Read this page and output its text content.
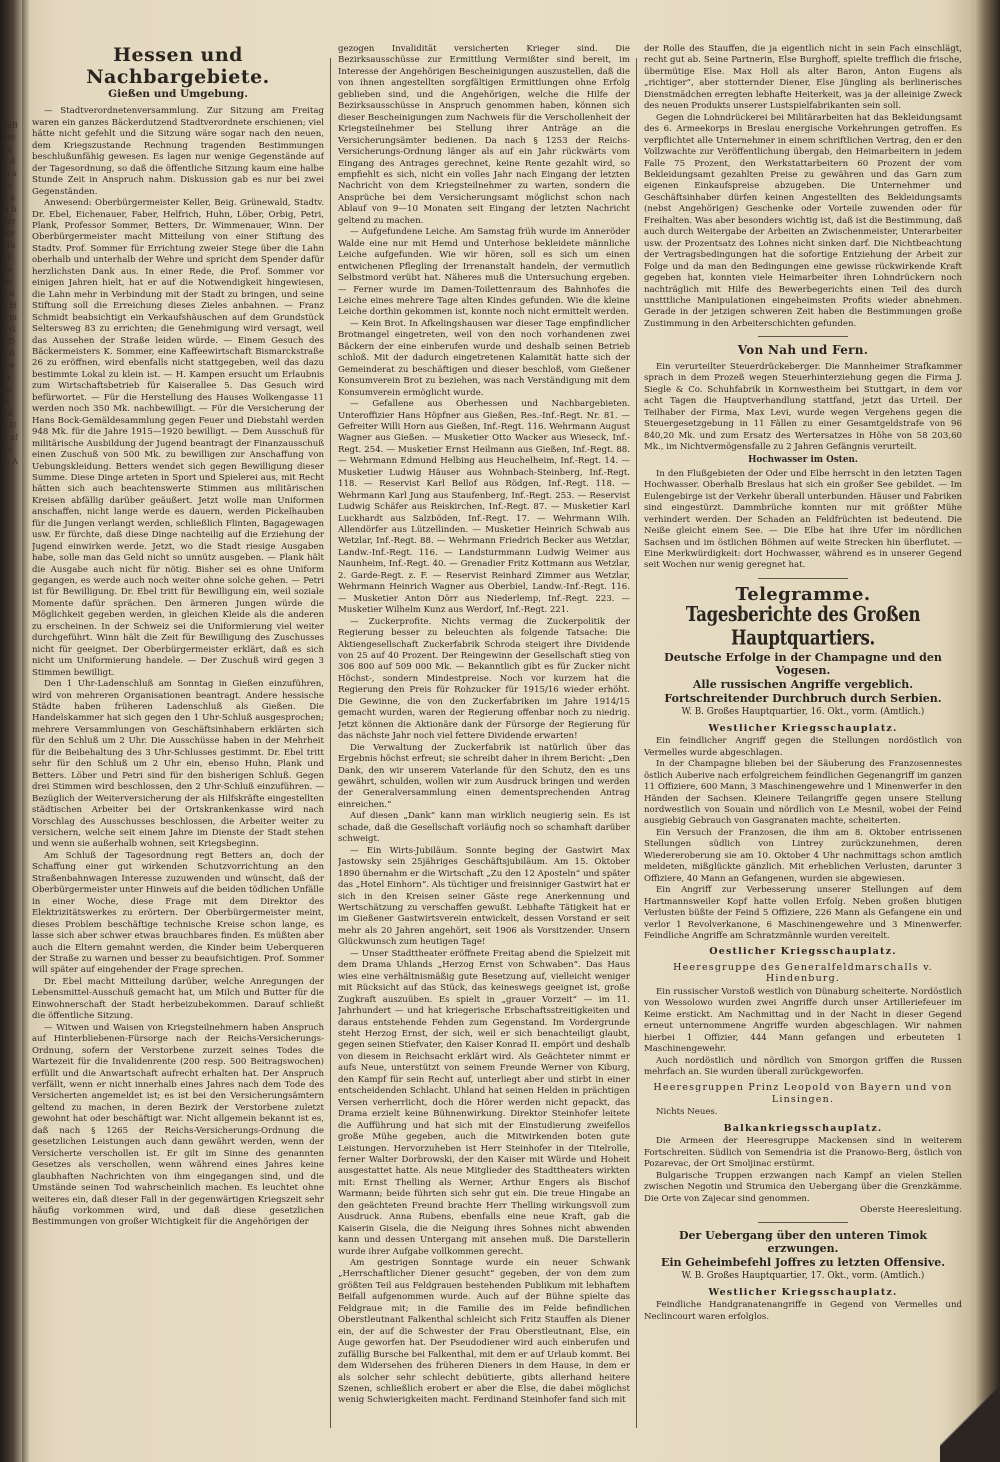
deB der be S d m a da S a H h der zur Mu St Be ce 8 o u Ha ma Gr Da fi 8 e pr ee et Ang Un uf bum A
Hessen und Nachbargebiete.
Gießen und Umgebung.

— Stadtverordnetenversammlung. Zur Sitzung am Freitag waren ein ganzes Bäckerdutzend Stadtverordnete erschienen; viel hätte nicht gefehlt und die Sitzung wäre sogar nach den neuen, dem Kriegszustande Rechnung tragenden Bestimmungen beschlußunfähig gewesen. Es lagen nur wenige Gegenstände auf der Tagesordnung, so daß die öffentliche Sitzung kaum eine halbe Stunde Zeit in Anspruch nahm. Diskussion gab es nur bei zwei Gegenständen.

Anwesend: Oberbürgermeister Keller, Beig. Grünewald, Stadtv. Dr. Ebel, Eichenauer, Faber, Helfrich, Huhn, Löber, Orbig, Petri, Plank, Professor Sommer, Betters, Dr. Wimmenauer, Winn. Der Oberbürgermeister macht Mitteilung von einer Stiftung des Stadtv. Prof. Sommer für Errichtung zweier Stege über die Lahn oberhalb und unterhalb der Wehre und spricht dem Spender dafür herzlichsten Dank aus. In einer Rede, die Prof. Sommer vor einigen Jahren hielt, hat er auf die Notwendigkeit hingewiesen, die Lahn mehr in Verbindung mit der Stadt zu bringen, und seine Stiftung soll die Erreichung dieses Zieles anbahnen. — Franz Schmidt beabsichtigt ein Verkaufshäuschen auf dem Grundstück Seltersweg 83 zu errichten; die Genehmigung wird versagt, weil das Aussehen der Straße leiden würde. — Einem Gesuch des Bäckermeisters K. Sommer, eine Kaffeewirtschaft Bismarckstraße 26 zu eröffnen, wird ebenfalls nicht stattgegeben, weil das dazu bestimmte Lokal zu klein ist. — H. Kampen ersucht um Erlaubnis zum Wirtschaftsbetrieb für Kaiserallee 5. Das Gesuch wird befürwortet. — Für die Herstellung des Hauses Wolkengasse 11 werden noch 350 Mk. nachbewilligt. — Für die Versicherung der Hans Bock-Gemäldesammlung gegen Feuer und Diebstahl werden 948 Mk. für die Jahre 1915—1920 bewilligt. — Dem Ausschuß für militärische Ausbildung der Jugend beantragt der Finanzausschuß einen Zuschuß von 500 Mk. zu bewilligen zur Anschaffung von Uebungskleidung. Betters wendet sich gegen Bewilligung dieser Summe. Diese Dinge arteten in Sport und Spielerei aus, mit Recht hätten sich auch beachtenswerte Stimmen aus militärischen Kreisen abfällig darüber geäußert. Jetzt wolle man Uniformen anschaffen, nicht lange werde es dauern, werden Pickelhauben für die Jungen verlangt werden, schließlich Flinten, Bagagewagen usw. Er fürchte, daß diese Dinge nachteilig auf die Erziehung der Jugend einwirken werde. Jetzt, wo die Stadt riesige Ausgaben habe, solle man das Geld nicht so unnütz ausgeben. — Plank hält die Ausgabe auch nicht für nötig. Bisher sei es ohne Uniform gegangen, es werde auch noch weiter ohne solche gehen. — Petri ist für Bewilligung. Dr. Ebel tritt für Bewilligung ein, weil soziale Momente dafür sprächen. Den ärmeren Jungen würde die Möglichkeit gegeben werden, in gleichen Kleide als die anderen zu erscheinen. In der Schweiz sei die Uniformierung viel weiter durchgeführt. Winn hält die Zeit für Bewilligung des Zuschusses nicht für geeignet. Der Oberbürgermeister erklärt, daß es sich nicht um Uniformierung handele. — Der Zuschuß wird gegen 3 Stimmen bewilligt.

Den 1 Uhr-Ladenschluß am Sonntag in Gießen einzuführen, wird von mehreren Organisationen beantragt. Andere hessische Städte haben früheren Ladenschluß als Gießen. Die Handelskammer hat sich gegen den 1 Uhr-Schluß ausgesprochen; mehrere Versammlungen von Geschäftsinhabern erklärten sich für den Schluß um 2 Uhr. Die Ausschüsse haben in der Mehrheit für die Beibehaltung des 3 Uhr-Schlusses gestimmt. Dr. Ebel tritt sehr für den Schluß um 2 Uhr ein, ebenso Huhn, Plank und Betters. Löber und Petri sind für den bisherigen Schluß. Gegen drei Stimmen wird beschlossen, den 2 Uhr-Schluß einzuführen. — Bezüglich der Weiterversicherung der als Hilfskräfte eingestellten städtischen Arbeiter bei der Ortskrankenkasse wird nach Vorschlag des Ausschusses beschlossen, die Arbeiter weiter zu versichern, welche seit einem Jahre im Dienste der Stadt stehen und wenn sie außerhalb wohnen, seit Kriegsbeginn.

Am Schluß der Tagesordnung regt Betters an, doch der Schaffung einer gut wirkenden Schutzvorrichtung an den Straßenbahnwagen Interesse zuzuwenden und wünscht, daß der Oberbürgermeister unter Hinweis auf die beiden tödlichen Unfälle in einer Woche, diese Frage mit dem Direktor des Elektrizitätswerkes zu erörtern. Der Oberbürgermeister meint, dieses Problem beschäftige technische Kreise schon lange, es lasse sich aber schwer etwas brauchbares finden. Es müßten aber auch die Eltern gemahnt werden, die Kinder beim Ueberqueren der Straße zu warnen und besser zu beaufsichtigen. Prof. Sommer will später auf eingehender der Frage sprechen.

Dr. Ebel macht Mitteilung darüber, welche Anregungen der Lebensmittel-Ausschuß gemacht hat, um Milch und Butter für die Einwohnerschaft der Stadt herbeizubekommen. Darauf schließt die öffentliche Sitzung.

— Witwen und Waisen von Kriegsteilnehmern haben Anspruch auf Hinterbliebenen-Fürsorge nach der Reichs-Versicherungs-Ordnung, sofern der Verstorbene zurzeit seines Todes die Wartezeit für die Invalidenrente (200 resp. 500 Beitragswochen) erfüllt und die Anwartschaft aufrecht erhalten hat. Der Anspruch verfällt, wenn er nicht innerhalb eines Jahres nach dem Tode des Versicherten angemeldet ist; es ist bei den Versicherungsämtern geltend zu machen, in deren Bezirk der Verstorbene zuletzt gewohnt hat oder beschäftigt war. Nicht allgemein bekannt ist es, daß nach § 1265 der Reichs-Versicherungs-Ordnung die gesetzlichen Leistungen auch dann gewährt werden, wenn der Versicherte verschollen ist. Er gilt im Sinne des genannten Gesetzes als verschollen, wenn während eines Jahres keine glaubhaften Nachrichten von ihm eingegangen sind, und die Umstände seinen Tod wahrscheinlich machen. Es leuchtet ohne weiteres ein, daß dieser Fall in der gegenwärtigen Kriegszeit sehr häufig vorkommen wird, und daß diese gesetzlichen Bestimmungen von großer Wichtigkeit für die Angehörigen der

gezogen Invalidität versicherten Krieger sind. Die Bezirksausschüsse zur Ermittlung Vermißter sind bereit, im Interesse der Angehörigen Bescheinigungen auszustellen, daß die von ihnen angestellten sorgfältigen Ermittlungen ohne Erfolg geblieben sind, und die Angehörigen, welche die Hilfe der Bezirksausschüsse in Anspruch genommen haben, können sich dieser Bescheinigungen zum Nachweis für die Verschollenheit der Kriegsteilnehmer bei Stellung ihrer Anträge an die Versicherungsämter bedienen. Da nach § 1253 der Reichs-Versicherungs-Ordnung länger als auf ein Jahr rückwärts vom Eingang des Antrages gerechnet, keine Rente gezahlt wird, so empfiehlt es sich, nicht ein volles Jahr nach Eingang der letzten Nachricht von dem Kriegsteilnehmer zu warten, sondern die Ansprüche bei dem Versicherungsamt möglichst schon nach Ablauf von 9—10 Monaten seit Eingang der letzten Nachricht geltend zu machen.

— Aufgefundene Leiche. Am Samstag früh wurde im Anneröder Walde eine nur mit Hemd und Unterhose bekleidete männliche Leiche aufgefunden. Wie wir hören, soll es sich um einen entwichenen Pflegling der Irrenanstalt handeln, der vermutlich Selbstmord verübt hat. Näheres muß die Untersuchung ergeben. — Ferner wurde im Damen-Toilettenraum des Bahnhofes die Leiche eines mehrere Tage alten Kindes gefunden. Wie die kleine Leiche dorthin gekommen ist, konnte noch nicht ermittelt werden.

— Kein Brot. In Afkelingshausen war dieser Tage empfindlicher Brotmangel eingetreten, weil von den noch vorhandenen zwei Bäckern der eine einberufen wurde und deshalb seinen Betrieb schloß. Mit der dadurch eingetretenen Kalamität hatte sich der Gemeinderat zu beschäftigen und dieser beschloß, vom Gießener Konsumverein Brot zu beziehen, was nach Verständigung mit dem Konsumverein ermöglicht wurde.

— Gefallene aus Oberhessen und Nachbargebieten. Unteroffizier Hans Höpfner aus Gießen, Res.-Inf.-Regt. Nr. 81. — Gefreiter Willi Horn aus Gießen, Inf.-Regt. 116. Wehrmann August Wagner aus Gießen. — Musketier Otto Wacker aus Wieseck, Inf.-Regt. 254. — Musketier Ernst Heilmann aus Gießen, Inf.-Regt. 88. — Wehrmann Edmund Helbing aus Heuchelheim, Inf.-Regt. 14. — Musketier Ludwig Häuser aus Wohnbach-Steinberg, Inf.-Regt. 118. — Reservist Karl Bellof aus Rödgen, Inf.-Regt. 118. — Wehrmann Karl Jung aus Staufenberg, Inf.-Regt. 253. — Reservist Ludwig Schäfer aus Reiskirchen, Inf.-Regt. 87. — Musketier Karl Luckhardt aus Salzböden, Inf.-Regt. 17. — Wehrmann Wilh. Allendörfer aus Lützellinden. — Musketier Heinrich Schwab aus Wetzlar, Inf.-Regt. 88. — Wehrmann Friedrich Becker aus Wetzlar, Landw.-Inf.-Regt. 116. — Landsturmmann Ludwig Weimer aus Naunheim, Inf.-Regt. 40. — Grenadier Fritz Kottmann aus Wetzlar, 2. Garde-Regt. z. F. — Reservist Reinhard Zimmer aus Wetzlar, Wehrmann Heinrich Wagner aus Oberbiel, Landw.-Inf.-Regt. 116. — Musketier Anton Dörr aus Niederlemp, Inf.-Regt. 223. — Musketier Wilhelm Kunz aus Werdorf, Inf.-Regt. 221.

— Zuckerprofite. Nichts vermag die Zuckerpolitik der Regierung besser zu beleuchten als folgende Tatsache: Die Aktiengesellschaft Zuckerfabrik Schroda steigert ihre Dividende von 25 auf 40 Prozent. Der Reingewinn der Gesellschaft stieg von 306 800 auf 509 000 Mk. — Bekanntlich gibt es für Zucker nicht Höchst-, sondern Mindestpreise. Noch vor kurzem hat die Regierung den Preis für Rohzucker für 1915/16 wieder erhöht. Die Gewinne, die von den Zuckerfabriken im Jahre 1914/15 gemacht wurden, waren der Regierung offenbar noch zu niedrig. Jetzt können die Aktionäre dank der Fürsorge der Regierung für das nächste Jahr noch viel fettere Dividende erwarten!

Die Verwaltung der Zuckerfabrik ist natürlich über das Ergebnis höchst erfreut; sie schreibt daher in ihrem Bericht: „Den Dank, den wir unserem Vaterlande für den Schutz, den es uns gewährt, schulden, wollen wir zum Ausdruck bringen und werden der Generalversammlung einen dementsprechenden Antrag einreichen.“

Auf diesen „Dank“ kann man wirklich neugierig sein. Es ist schade, daß die Gesellschaft vorläufig noch so schamhaft darüber schweigt.

— Ein Wirts-Jubiläum. Sonnte beging der Gastwirt Max Jastowsky sein 25jähriges Geschäftsjubiläum. Am 15. Oktober 1890 übernahm er die Wirtschaft „Zu den 12 Aposteln“ und später das „Hotel Einhorn“. Als tüchtiger und freisinniger Gastwirt hat er sich in den Kreisen seiner Gäste rege Anerkennung und Wertschätzung zu verschaffen gewußt. Lebhafte Tätigkeit hat er im Gießener Gastwirtsverein entwickelt, dessen Vorstand er seit mehr als 20 Jahren angehört, seit 1906 als Vorsitzender. Unsern Glückwunsch zum heutigen Tage!

— Unser Stadttheater eröffnete Freitag abend die Spielzeit mit dem Drama Uhlands „Herzog Ernst von Schwaben“. Das Haus wies eine verhältnismäßig gute Besetzung auf, vielleicht weniger mit Rücksicht auf das Stück, das keineswegs geeignet ist, große Zugkraft auszuüben. Es spielt in „grauer Vorzeit“ — im 11. Jahrhundert — und hat kriegerische Erbschaftsstreitigkeiten und daraus entstehende Fehden zum Gegenstand. Im Vordergrunde steht Herzog Ernst, der sich, weil er sich benachteiligt glaubt, gegen seinen Stiefvater, den Kaiser Konrad II. empört und deshalb von diesem in Reichsacht erklärt wird. Als Geächteter nimmt er aufs Neue, unterstützt von seinem Freunde Werner von Kiburg, den Kampf für sein Recht auf, unterliegt aber und stirbt in einer entscheidenden Schlacht. Uhland hat seinen Helden in prächtigen Versen verherrlicht, doch die Hörer werden nicht gepackt, das Drama erzielt keine Bühnenwirkung. Direktor Steinhofer leitete die Aufführung und hat sich mit der Einstudierung zweifellos große Mühe gegeben, auch die Mitwirkenden boten gute Leistungen. Hervorzuheben ist Herr Steinhofer in der Titelrolle, ferner Walter Dorbrowski, der den Kaiser mit Würde und Hoheit ausgestattet hatte. Als neue Mitglieder des Stadttheaters wirkten mit: Ernst Thelling als Werner, Arthur Engers als Bischof Warmann; beide führten sich sehr gut ein. Die treue Hingabe an den geächteten Freund brachte Herr Thelling wirkungsvoll zum Ausdruck. Anna Rubens, ebenfalls eine neue Kraft, gab die Kaiserin Gisela, die die Neigung ihres Sohnes nicht abwenden kann und dessen Untergang mit ansehen muß. Die Darstellerin wurde ihrer Aufgabe vollkommen gerecht.

Am gestrigen Sonntage wurde ein neuer Schwank „Herrschaftlicher Diener gesucht“ gegeben, der von dem zum größten Teil aus Feldgrauen bestehenden Publikum mit lebhaftem Beifall aufgenommen wurde. Auch auf der Bühne spielte das Feldgraue mit; in die Familie des im Felde befindlichen Oberstleutnant Falkenthal schleicht sich Fritz Stauffen als Diener ein, der auf die Schwester der Frau Oberstleutnant, Else, ein Auge geworfen hat. Der Pseudodiener wird auch einberufen und zufällig Bursche bei Falkenthal, mit dem er auf Urlaub kommt. Bei dem Widersehen des früheren Dieners in dem Hause, in dem er als solcher sehr schlecht debütierte, gibts allerhand heitere Szenen, schließlich erobert er aber die Else, die dabei möglichst wenig Schwierigkeiten macht. Ferdinand Steinhofer fand sich mit

der Rolle des Stauffen, die ja eigentlich nicht in sein Fach einschlägt, recht gut ab. Seine Partnerin, Else Burghoff, spielte trefflich die frische, übermütige Else. Max Holl als alter Baron, Anton Eugens als „richtiger“, aber stotternder Diener, Else Jüngling als berlinerisches Dienstmädchen erregten lebhafte Heiterkeit, was ja der alleinige Zweck des neuen Produkts unserer Lustspielfabrikanten sein soll.

Gegen die Lohndrückerei bei Militärarbeiten hat das Bekleidungsamt des 6. Armeekorps in Breslau energische Vorkehrungen getroffen. Es verpflichtet alle Unternehmer in einem schriftlichen Vertrag, den er den Vollzwachte zur Veröffentlichung übergab, den Heimarbeitern in jedem Falle 75 Prozent, den Werkstattarbeitern 60 Prozent der vom Bekleidungsamt gezahlten Preise zu gewähren und das Garn zum eigenen Einkaufspreise abzugeben. Die Unternehmer und Geschäftsinhaber dürfen keinen Angestellten des Bekleidungsamts (nebst Angehörigen) Geschenke oder Vorteile zuwenden oder für Freihalten. Was aber besonders wichtig ist, daß ist die Bestimmung, daß auch durch Weitergabe der Arbeiten an Zwischenmeister, Unterarbeiter usw. der Prozentsatz des Lohnes nicht sinken darf. Die Nichtbeachtung der Vertragsbedingungen hat die sofortige Entziehung der Arbeit zur Folge und da man den Bedingungen eine gewisse rückwirkende Kraft gegeben hat, konnten viele Heimarbeiter ihren Lohndrückern noch nachträglich mit Hilfe des Bewerbegerichts einen Teil des durch unstttliche Manipulationen eingeheimsten Profits wieder abnehmen. Gerade in der jetzigen schweren Zeit haben die Bestimmungen große Zustimmung in den Arbeiterschichten gefunden.

Von Nah und Fern.

Ein verurteilter Steuerdrückeberger. Die Mannheimer Strafkammer sprach in dem Prozeß wegen Steuerhinterziehung gegen die Firma J. Siegle & Co. Schuhfabrik in Kornwestheim bei Stuttgart, in dem vor acht Tagen die Hauptverhandlung stattfand, jetzt das Urteil. Der Teilhaber der Firma, Max Levi, wurde wegen Vergehens gegen die Steuergesetzgebung in 11 Fällen zu einer Gesamtgeldstrafe von 96 840,20 Mk. und zum Ersatz des Wertersatzes in Höhe von 58 203,60 Mk., im Nichtvermögensfalle zu 2 Jahren Gefängnis verurteilt.

Hochwasser im Osten.

In den Flußgebieten der Oder und Elbe herrscht in den letzten Tagen Hochwasser. Oberhalb Breslaus hat sich ein großer See gebildet. — Im Eulengebirge ist der Verkehr überall unterbunden. Häuser und Fabriken sind eingestürzt. Dammbrüche konnten nur mit größter Mühe verhindert werden. Der Schaden an Feldfrüchten ist bedeutend. Die Neiße gleicht einem See. — Die Elbe hat ihre Ufer im nördlichen Sachsen und im östlichen Böhmen auf weite Strecken hin überflutet. — Eine Merkwürdigkeit: dort Hochwasser, während es in unserer Gegend seit Wochen nur wenig geregnet hat.

Telegramme.
Tagesberichte des Großen Hauptquartiers.
Deutsche Erfolge in der Champagne und den Vogesen.
Alle russischen Angriffe vergeblich.
Fortschreitender Durchbruch durch Serbien.
W. B. Großes Hauptquartier, 16. Okt., vorm. (Amtlich.)
Westlicher Kriegsschauplatz.

Ein feindlicher Angriff gegen die Stellungen nordöstlich von Vermelles wurde abgeschlagen.

In der Champagne blieben bei der Säuberung des Franzosennestes östlich Auberive nach erfolgreichem feindlichen Gegenangriff im ganzen 11 Offiziere, 600 Mann, 3 Maschinengewehre und 1 Minenwerfer in den Händen der Sachsen. Kleinere Teilangriffe gegen unsere Stellung nordwestlich von Souain und nördlich von Le Mesnil, wobei der Feind ausgiebig Gebrauch von Gasgranaten machte, scheiterten.

Ein Versuch der Franzosen, die ihm am 8. Oktober entrissenen Stellungen südlich von Lintrey zurückzunehmen, deren Wiedereroberung sie am 10. Oktober 4 Uhr nachmittags schon amtlich meldeten, mißglückte gänzlich. Mit erheblichen Verlusten, darunter 3 Offiziere, 40 Mann an Gefangenen, wurden sie abgewiesen.

Ein Angriff zur Verbesserung unserer Stellungen auf dem Hartmannsweiler Kopf hatte vollen Erfolg. Neben großen blutigen Verlusten büßte der Feind 5 Offiziere, 226 Mann als Gefangene ein und verlor 1 Revolverkanone, 6 Maschinengewehre und 3 Minenwerfer. Feindliche Angriffe am Schratzmännle wurden vereitelt.

Oestlicher Kriegsschauplatz.
Heeresgruppe des Generalfeldmarschalls v. Hindenburg.

Ein russischer Vorstoß westlich von Dünaburg scheiterte. Nordöstlich von Wessolowo wurden zwei Angriffe durch unser Artilleriefeuer im Keime erstickt. Am Nachmittag und in der Nacht in dieser Gegend erneut unternommene Angriffe wurden abgeschlagen. Wir nahmen hierbei 1 Offizier, 444 Mann gefangen und erbeuteten 1 Maschinengewehr.

Auch nordöstlich und nördlich von Smorgon griffen die Russen mehrfach an. Sie wurden überall zurückgeworfen.

Heeresgruppen Prinz Leopold von Bayern und von Linsingen.

Nichts Neues.

Balkankriegsschauplatz.

Die Armeen der Heeresgruppe Mackensen sind in weiterem Fortschreiten. Südlich von Semendria ist die Pranowo-Berg, östlich von Pozarevac, der Ort Smoljinac erstürmt.

Bulgarische Truppen erzwangen nach Kampf an vielen Stellen zwischen Negotin und Strumica den Uebergang über die Grenzkämme. Die Orte von Zajecar sind genommen.

Oberste Heeresleitung.
Der Uebergang über den unteren Timok erzwungen.
Ein Geheimbefehl Joffres zu letzten Offensive.
W. B. Großes Hauptquartier, 17. Okt., vorm. (Amtlich.)
Westlicher Kriegsschauplatz.

Feindliche Handgranatenangriffe in Gegend von Vermelles und Neclincourt waren erfolglos.
